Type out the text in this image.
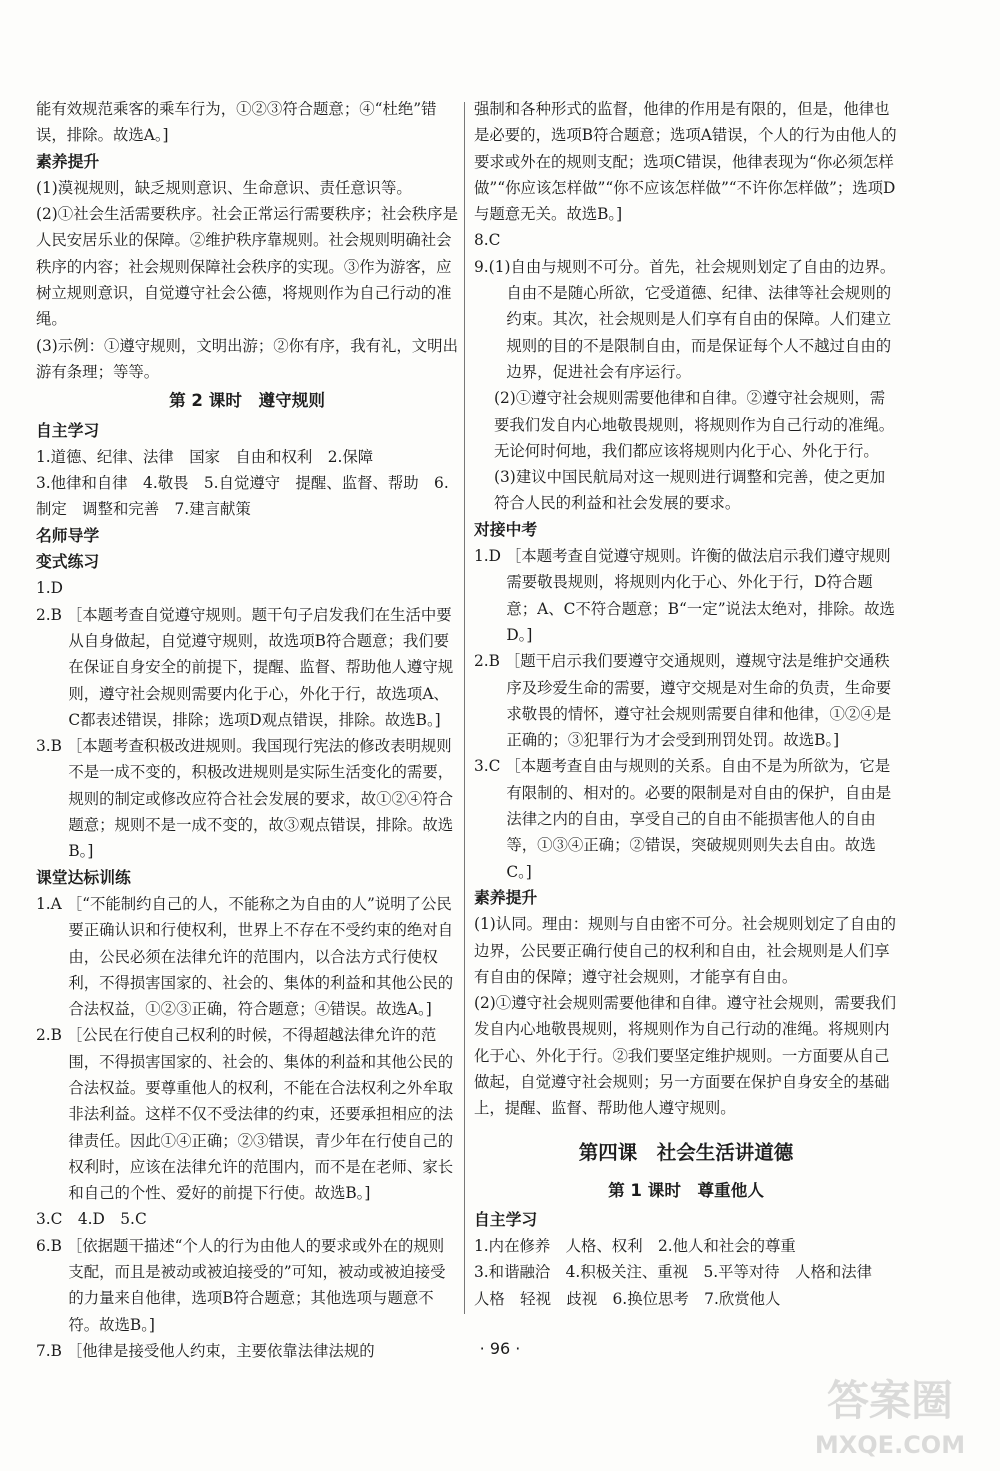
能有效规范乘客的乘车行为，①②③符合题意；④“杜绝”错误，排除。故选A。]
素养提升
(1)漠视规则，缺乏规则意识、生命意识、责任意识等。
(2)①社会生活需要秩序。社会正常运行需要秩序；社会秩序是人民安居乐业的保障。②维护秩序靠规则。社会规则明确社会秩序的内容；社会规则保障社会秩序的实现。③作为游客，应树立规则意识，自觉遵守社会公德，将规则作为自己行动的准绳。
(3)示例：①遵守规则，文明出游；②你有序，我有礼，文明出游有条理；等等。
第 2 课时　遵守规则
自主学习
1.道德、纪律、法律　国家　自由和权利　2.保障
3.他律和自律　4.敬畏　5.自觉遵守　提醒、监督、帮助　6.制定　调整和完善　7.建言献策
名师导学
变式练习
1.D
2.B ［本题考查自觉遵守规则。题干句子启发我们在生活中要从自身做起，自觉遵守规则，故选项B符合题意；我们要在保证自身安全的前提下，提醒、监督、帮助他人遵守规则，遵守社会规则需要内化于心，外化于行，故选项A、C都表述错误，排除；选项D观点错误，排除。故选B。]
3.B ［本题考查积极改进规则。我国现行宪法的修改表明规则不是一成不变的，积极改进规则是实际生活变化的需要，规则的制定或修改应符合社会发展的要求，故①②④符合题意；规则不是一成不变的，故③观点错误，排除。故选B。]
课堂达标训练
1.A ［“不能制约自己的人，不能称之为自由的人”说明了公民要正确认识和行使权利，世界上不存在不受约束的绝对自由，公民必须在法律允许的范围内，以合法方式行使权利，不得损害国家的、社会的、集体的利益和其他公民的合法权益，①②③正确，符合题意；④错误。故选A。]
2.B ［公民在行使自己权利的时候，不得超越法律允许的范围，不得损害国家的、社会的、集体的利益和其他公民的合法权益。要尊重他人的权利，不能在合法权利之外牟取非法利益。这样不仅不受法律的约束，还要承担相应的法律责任。因此①④正确；②③错误，青少年在行使自己的权利时，应该在法律允许的范围内，而不是在老师、家长和自己的个性、爱好的前提下行使。故选B。]
3.C　4.D　5.C
6.B ［依据题干描述“个人的行为由他人的要求或外在的规则支配，而且是被动或被迫接受的”可知，被动或被迫接受的力量来自他律，选项B符合题意；其他选项与题意不符。故选B。]
7.B ［他律是接受他人约束，主要依靠法律法规的
强制和各种形式的监督，他律的作用是有限的，但是，他律也是必要的，选项B符合题意；选项A错误，个人的行为由他人的要求或外在的规则支配；选项C错误，他律表现为“你必须怎样做”“你应该怎样做”“你不应该怎样做”“不许你怎样做”；选项D与题意无关。故选B。]
8.C
9.(1)自由与规则不可分。首先，社会规则划定了自由的边界。自由不是随心所欲，它受道德、纪律、法律等社会规则的约束。其次，社会规则是人们享有自由的保障。人们建立规则的目的不是限制自由，而是保证每个人不越过自由的边界，促进社会有序运行。
(2)①遵守社会规则需要他律和自律。②遵守社会规则，需要我们发自内心地敬畏规则，将规则作为自己行动的准绳。无论何时何地，我们都应该将规则内化于心、外化于行。
(3)建议中国民航局对这一规则进行调整和完善，使之更加符合人民的利益和社会发展的要求。
对接中考
1.D ［本题考查自觉遵守规则。许衡的做法启示我们遵守规则需要敬畏规则，将规则内化于心、外化于行，D符合题意；A、C不符合题意；B“一定”说法太绝对，排除。故选D。]
2.B ［题干启示我们要遵守交通规则，遵规守法是维护交通秩序及珍爱生命的需要，遵守交规是对生命的负责，生命要求敬畏的情怀，遵守社会规则需要自律和他律，①②④是正确的；③犯罪行为才会受到刑罚处罚。故选B。]
3.C ［本题考查自由与规则的关系。自由不是为所欲为，它是有限制的、相对的。必要的限制是对自由的保护，自由是法律之内的自由，享受自己的自由不能损害他人的自由等，①③④正确；②错误，突破规则则失去自由。故选C。]
素养提升
(1)认同。理由：规则与自由密不可分。社会规则划定了自由的边界，公民要正确行使自己的权利和自由，社会规则是人们享有自由的保障；遵守社会规则，才能享有自由。
(2)①遵守社会规则需要他律和自律。遵守社会规则，需要我们发自内心地敬畏规则，将规则作为自己行动的准绳。将规则内化于心、外化于行。②我们要坚定维护规则。一方面要从自己做起，自觉遵守社会规则；另一方面要在保护自身安全的基础上，提醒、监督、帮助他人遵守规则。
第四课　社会生活讲道德
第 1 课时　尊重他人
自主学习
1.内在修养　人格、权利　2.他人和社会的尊重
3.和谐融洽　4.积极关注、重视　5.平等对待　人格和法律　人格　轻视　歧视　6.换位思考　7.欣赏他人
· 96 ·
答案圈
MXQE.COM
